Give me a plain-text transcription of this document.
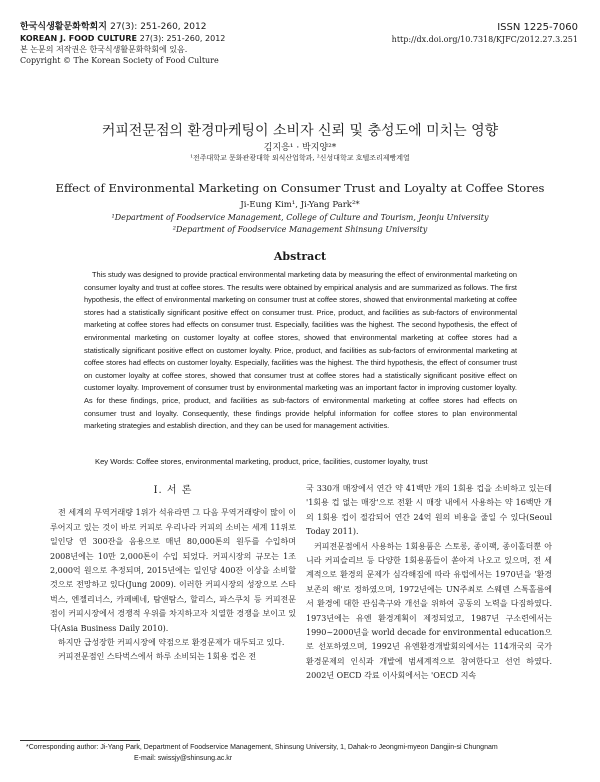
한국식생활문화학회지 27(3): 251-260, 2012
KOREAN J. FOOD CULTURE 27(3): 251-260, 2012
본 논문의 저작권은 한국식생활문화학회에 있음.
Copyright © The Korean Society of Food Culture
ISSN 1225-7060
http://dx.doi.org/10.7318/KJFC/2012.27.3.251
커피전문점의 환경마케팅이 소비자 신뢰 및 충성도에 미치는 영향
김지응¹ · 박지양²*
¹전주대학교 문화관광대학 외식산업학과, ²신성대학교 호텔조리제빵계열
Effect of Environmental Marketing on Consumer Trust and Loyalty at Coffee Stores
Ji-Eung Kim¹, Ji-Yang Park²*
¹Department of Foodservice Management, College of Culture and Tourism, Jeonju University
²Department of Foodservice Management Shinsung University
Abstract

This study was designed to provide practical environmental marketing data by measuring the effect of environmental marketing on consumer loyalty and trust at coffee stores. The results were obtained by empirical analysis and are summarized as follows. The first hypothesis, the effect of environmental marketing on consumer trust at coffee stores, showed that environmental marketing at coffee stores had a statistically significant positive effect on consumer trust. Price, product, and facilities as sub-factors of environmental marketing at coffee stores had effects on consumer trust. Especially, facilities was the highest. The second hypothesis, the effect of environmental marketing on customer loyalty at coffee stores, showed that environmental marketing at coffee stores had a statistically significant positive effect on customer loyalty. Price, product, and facilities as sub-factors of environmental marketing at coffee stores had effects on customer loyalty. Especially, facilities was the highest. The third hypothesis, the effect of consumer trust on customer loyalty at coffee stores, showed that consumer trust at coffee stores had a statistically significant positive effect on customer loyalty. Improvement of consumer trust by environmental marketing was an important factor in improving customer loyalty. As for these findings, price, product, and facilities as sub-factors of environmental marketing at coffee stores had effects on consumer trust and loyalty. Consequently, these findings provide helpful information for coffee stores to plan environmental marketing strategies and establish direction, and they can be used for management activities.

Key Words: Coffee stores, environmental marketing, product, price, facilities, customer loyalty, trust
Ⅰ. 서 론

전 세계의 무역거래량 1위가 석유라면 그 다음 무역거래량이 많이 이루어지고 있는 것이 바로 커피로 우리나라 커피의 소비는 세계 11위로 일인당 연 300잔을 음용으로 매년 80,000톤의 원두를 수입하며 2008년에는 10만 2,000톤이 수입 되었다. 커피시장의 규모는 1조 2,000억 원으로 추정되며, 2015년에는 일인당 400잔 이상을 소비할 것으로 전망하고 있다(Jung 2009). 이러한 커피시장의 성장으로 스타벅스, 엔젤리너스, 카페베네, 탐앤탐스, 할리스, 파스쿠치 등 커피전문점이 커피시장에서 경쟁적 우위를 차지하고자 치열한 경쟁을 보이고 있다(Asia Business Daily 2010).

하지만 급성장한 커피시장에 약점으로 환경문제가 대두되고 있다.

커피전문점인 스타벅스에서 하루 소비되는 1회용 컵은 전

국 330개 매장에서 연간 약 41백만 개의 1회용 컵을 소비하고 있는데 '1회용 컵 없는 매장'으로 전환 시 매장 내에서 사용하는 약 16백만 개의 1회용 컵이 절감되어 연간 24억 원의 비용을 줄일 수 있다(Seoul Today 2011).

커피전문점에서 사용하는 1회용품은 스토롱, 종이팩, 종이홀더뿐 아니라 커피슬리브 등 다양한 1회용품들이 쏟아져 나오고 있으며, 전 세계적으로 환경의 문제가 심각해짐에 따라 유럽에서는 1970년을 '환경보존의 해'로 정하였으며, 1972년에는 UN주최로 스웨덴 스톡홀름에서 환경에 대한 관심촉구와 개선을 위하여 공동의 노력을 다짐하였다. 1973년에는 유엔 환경계획이 제정되었고, 1987년 구소련에서는 1990~2000년을 world decade for environmental education으로 선포하였으며, 1992년 유엔환경개발회의에서는 114개국의 국가 환경문제의 인식과 개발에 범세계적으로 참여한다고 선언 하였다. 2002년 OECD 각료 이사회에서는 'OECD 지속

*Corresponding author: Ji-Yang Park, Department of Foodservice Management, Shinsung University, 1, Dahak-ro Jeongmi-myeon Dangjin-si Chungnam
E-mail: swissjy@shinsung.ac.kr
